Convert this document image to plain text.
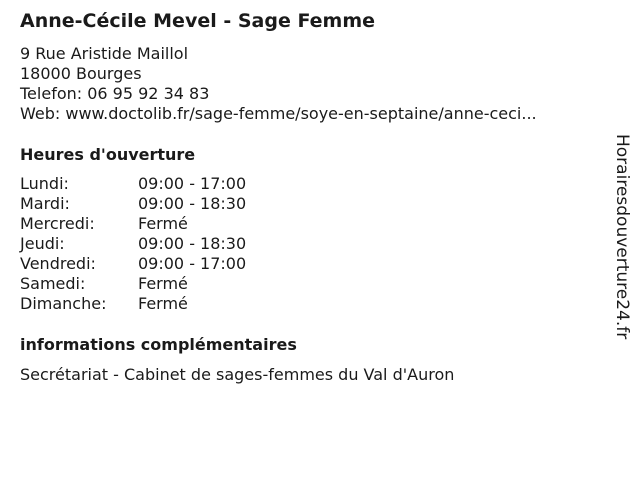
Anne-Cécile Mevel - Sage Femme
9 Rue Aristide Maillol
18000 Bourges
Telefon: 06 95 92 34 83
Web: www.doctolib.fr/sage-femme/soye-en-septaine/anne-ceci...
Heures d'ouverture
Lundi:	09:00 - 17:00
Mardi:	09:00 - 18:30
Mercredi:	Fermé
Jeudi:	09:00 - 18:30
Vendredi:	09:00 - 17:00
Samedi:	Fermé
Dimanche: Fermé
informations complémentaires
Secrétariat - Cabinet de sages-femmes du Val d'Auron
Horairesdouverture24.fr
